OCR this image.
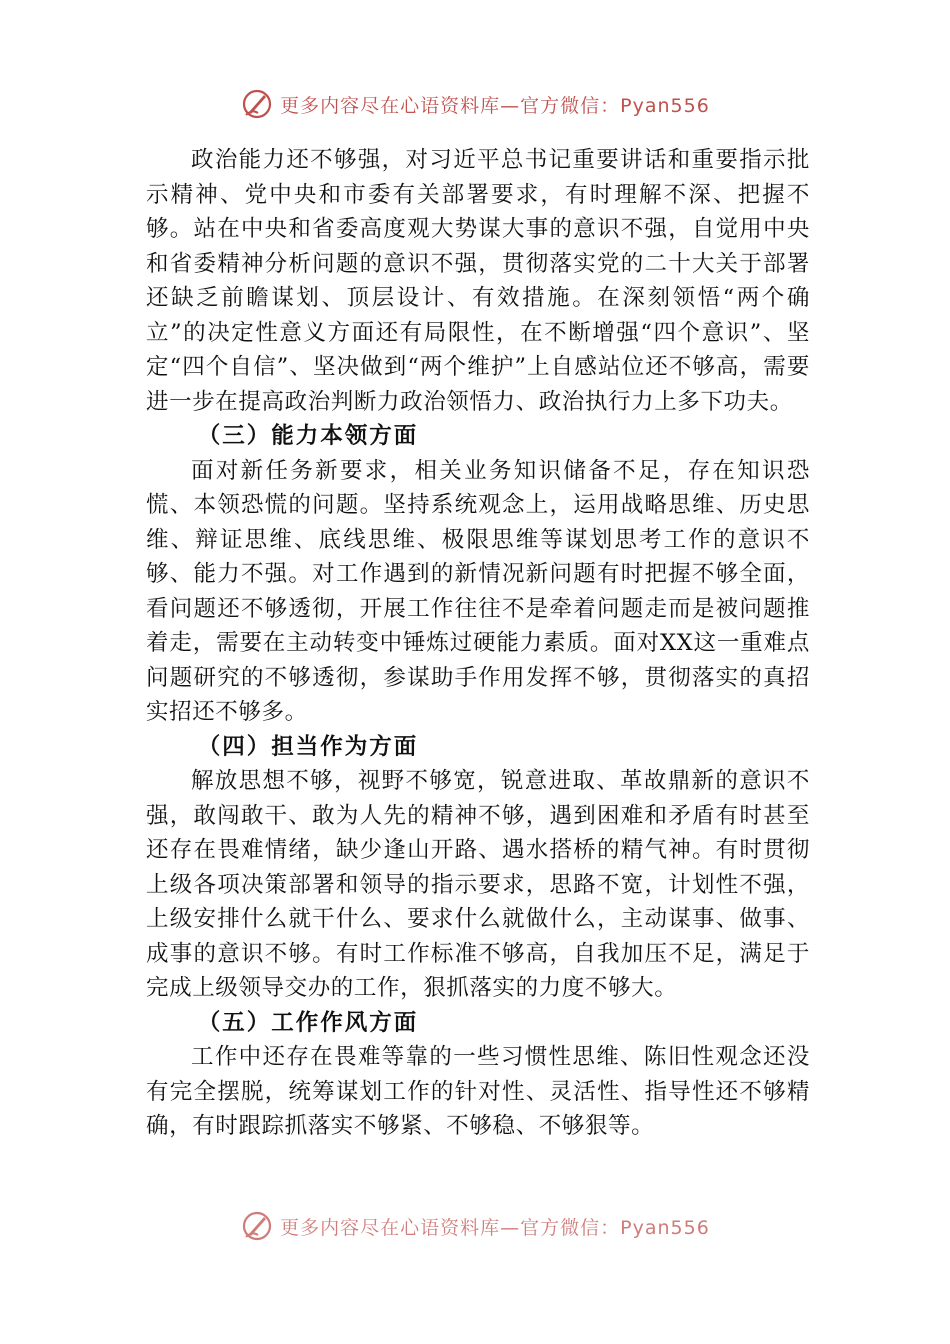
更多内容尽在心语资料库—官方微信：Pyan556

政治能力还不够强，对习近平总书记重要讲话和重要指示批示精神、党中央和市委有关部署要求，有时理解不深、把握不够。站在中央和省委高度观大势谋大事的意识不强，自觉用中央和省委精神分析问题的意识不强，贯彻落实党的二十大关于部署还缺乏前瞻谋划、顶层设计、有效措施。在深刻领悟“两个确立”的决定性意义方面还有局限性，在不断增强“四个意识”、坚定“四个自信”、坚决做到“两个维护”上自感站位还不够高，需要进一步在提高政治判断力政治领悟力、政治执行力上多下功夫。

（三）能力本领方面

面对新任务新要求，相关业务知识储备不足，存在知识恐慌、本领恐慌的问题。坚持系统观念上，运用战略思维、历史思维、辩证思维、底线思维、极限思维等谋划思考工作的意识不够、能力不强。对工作遇到的新情况新问题有时把握不够全面，看问题还不够透彻，开展工作往往不是牵着问题走而是被问题推着走，需要在主动转变中锤炼过硬能力素质。面对XX这一重难点问题研究的不够透彻，参谋助手作用发挥不够，贯彻落实的真招实招还不够多。

（四）担当作为方面

解放思想不够，视野不够宽，锐意进取、革故鼎新的意识不强，敢闯敢干、敢为人先的精神不够，遇到困难和矛盾有时甚至还存在畏难情绪，缺少逢山开路、遇水搭桥的精气神。有时贯彻上级各项决策部署和领导的指示要求，思路不宽，计划性不强，上级安排什么就干什么、要求什么就做什么，主动谋事、做事、成事的意识不够。有时工作标准不够高，自我加压不足，满足于完成上级领导交办的工作，狠抓落实的力度不够大。

（五）工作作风方面

工作中还存在畏难等靠的一些习惯性思维、陈旧性观念还没有完全摆脱，统筹谋划工作的针对性、灵活性、指导性还不够精确，有时跟踪抓落实不够紧、不够稳、不够狠等。

更多内容尽在心语资料库—官方微信：Pyan556
